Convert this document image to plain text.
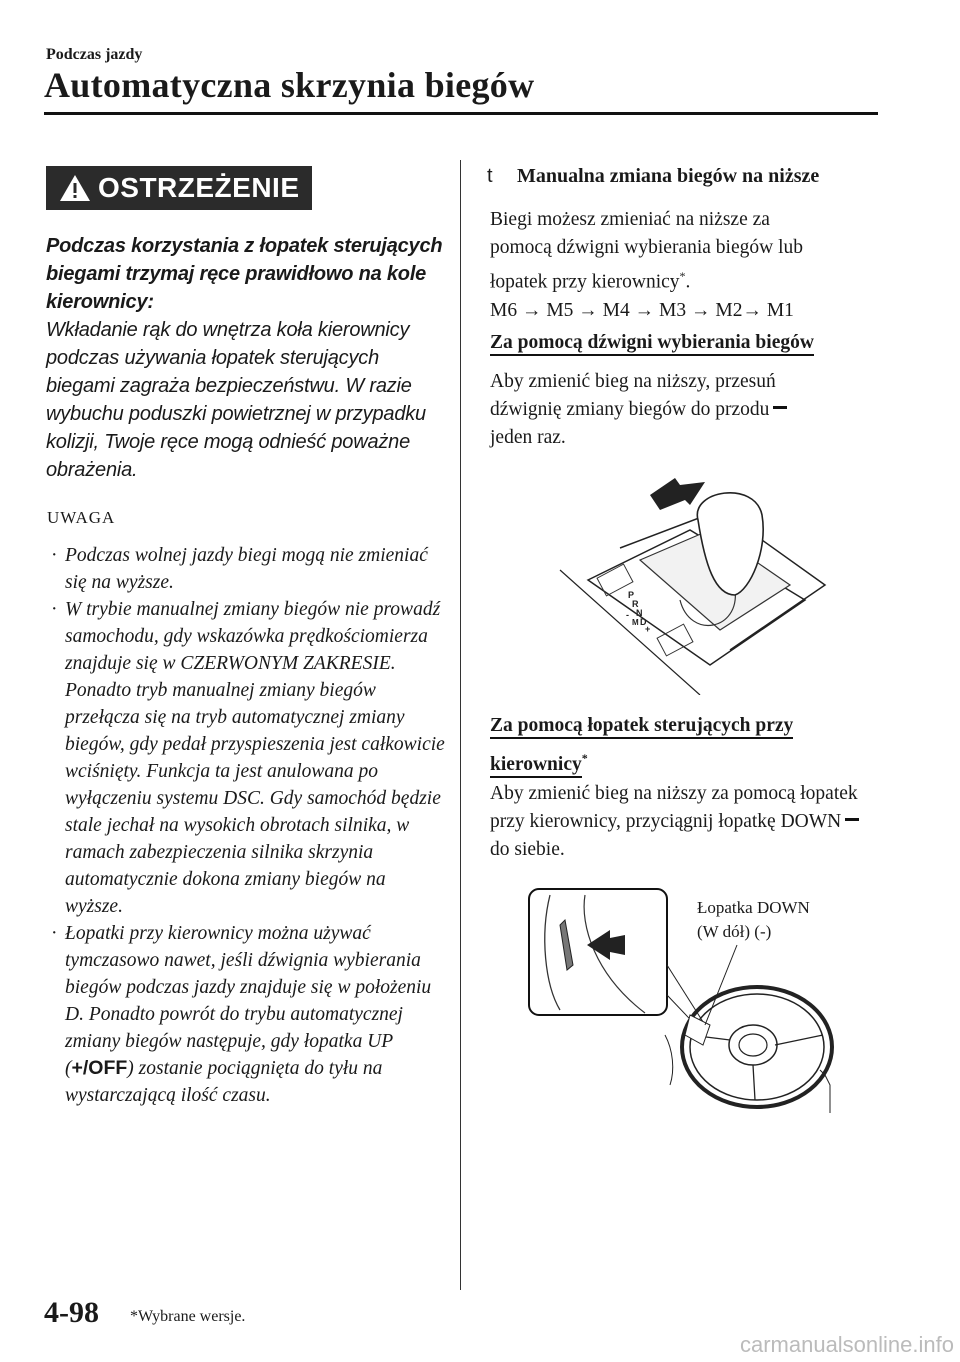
Podczas jazdy
Automatyczna skrzynia biegów
OSTRZEŻENIE
Podczas korzystania z łopatek sterujących biegami trzymaj ręce prawidłowo na kole kierownicy:
Wkładanie rąk do wnętrza koła kierownicy podczas używania łopatek sterujących biegami zagraża bezpieczeństwu. W razie wybuchu poduszki powietrznej w przypadku kolizji, Twoje ręce mogą odnieść poważne obrażenia.
UWAGA
· Podczas wolnej jazdy biegi mogą nie zmieniać się na wyższe.
· W trybie manualnej zmiany biegów nie prowadź samochodu, gdy wskazówka prędkościomierza znajduje się w CZERWONYM ZAKRESIE. Ponadto tryb manualnej zmiany biegów przełącza się na tryb automatycznej zmiany biegów, gdy pedał przyspieszenia jest całkowicie wciśnięty. Funkcja ta jest anulowana po wyłączeniu systemu DSC. Gdy samochód będzie stale jechał na wysokich obrotach silnika, w ramach zabezpieczenia silnika skrzynia automatycznie dokona zmiany biegów na wyższe.
· Łopatki przy kierownicy można używać tymczasowo nawet, jeśli dźwignia wybierania biegów podczas jazdy znajduje się w położeniu D. Ponadto powrót do trybu automatycznej zmiany biegów następuje, gdy łopatka UP (+/OFF) zostanie pociągnięta do tyłu na wystarczającą ilość czasu.
t Manualna zmiana biegów na niższe
Biegi możesz zmieniać na niższe za pomocą dźwigni wybierania biegów lub łopatek przy kierownicy*.
M6 → M5 → M4 → M3 → M2→ M1
Za pomocą dźwigni wybierania biegów
Aby zmienić bieg na niższy, przesuń dźwignię zmiany biegów do przodu
jeden raz.
P
R
N
D
M
+
-
Za pomocą łopatek sterujących przy kierownicy*
Aby zmienić bieg na niższy za pomocą łopatek przy kierownicy, przyciągnij łopatkę DOWN do siebie.
Łopatka DOWN
(W dół) (-)
4-98 *Wybrane wersje.
carmanualsonline.info
